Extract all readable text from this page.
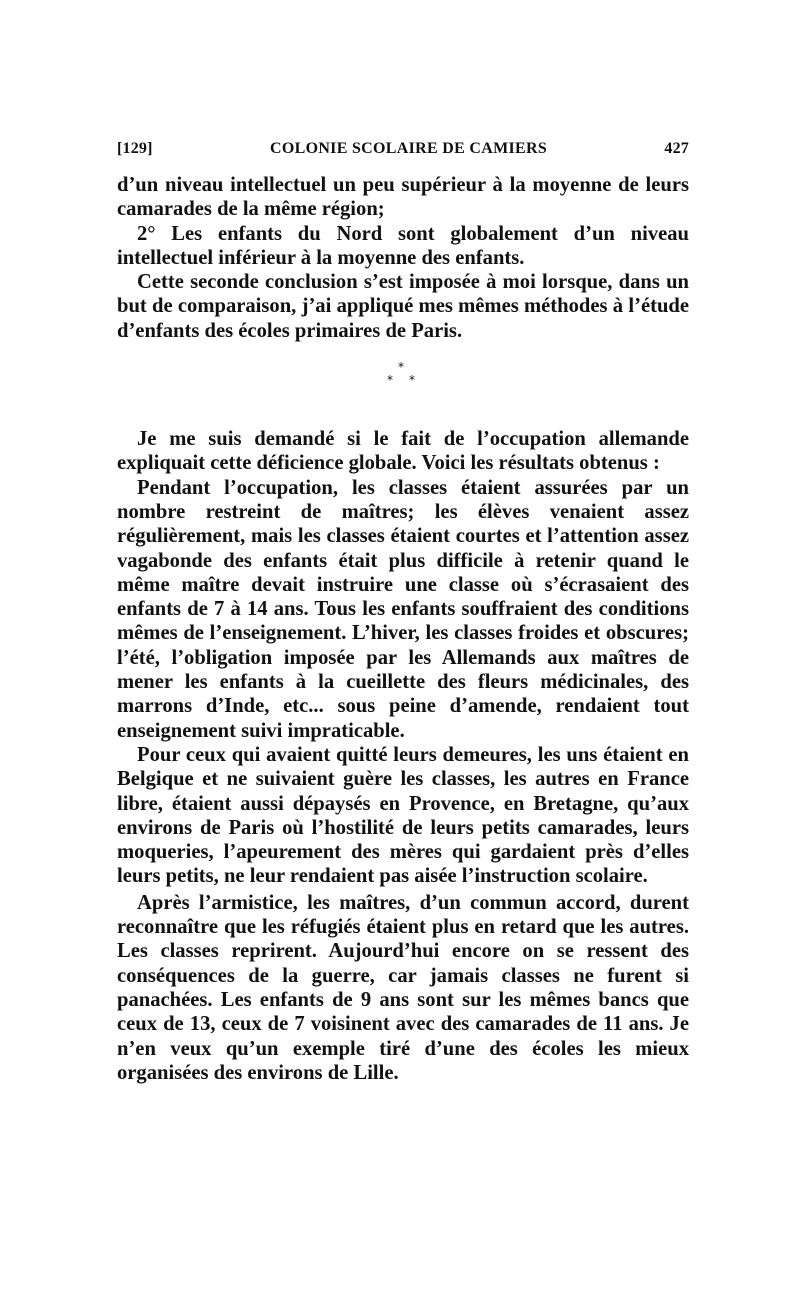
[129]	COLONIE SCOLAIRE DE CAMIERS	427

d’un niveau intellectuel un peu supérieur à la moyenne de leurs camarades de la même région;

2° Les enfants du Nord sont globalement d’un niveau intellectuel inférieur à la moyenne des enfants.

Cette seconde conclusion s’est imposée à moi lorsque, dans un but de comparaison, j’ai appliqué mes mêmes méthodes à l’étude d’enfants des écoles primaires de Paris.

*
* *

Je me suis demandé si le fait de l’occupation allemande expliquait cette déficience globale. Voici les résultats obtenus :

Pendant l’occupation, les classes étaient assurées par un nombre restreint de maîtres; les élèves venaient assez régulièrement, mais les classes étaient courtes et l’attention assez vagabonde des enfants était plus difficile à retenir quand le même maître devait instruire une classe où s’écrasaient des enfants de 7 à 14 ans. Tous les enfants souffraient des conditions mêmes de l’enseignement. L’hiver, les classes froides et obscures; l’été, l’obligation imposée par les Allemands aux maîtres de mener les enfants à la cueillette des fleurs médicinales, des marrons d’Inde, etc... sous peine d’amende, rendaient tout enseignement suivi impraticable.

Pour ceux qui avaient quitté leurs demeures, les uns étaient en Belgique et ne suivaient guère les classes, les autres en France libre, étaient aussi dépaysés en Provence, en Bretagne, qu’aux environs de Paris où l’hostilité de leurs petits camarades, leurs moqueries, l’apeurement des mères qui gardaient près d’elles leurs petits, ne leur rendaient pas aisée l’instruction scolaire.

Après l’armistice, les maîtres, d’un commun accord, durent reconnaître que les réfugiés étaient plus en retard que les autres. Les classes reprirent. Aujourd’hui encore on se ressent des conséquences de la guerre, car jamais classes ne furent si panachées. Les enfants de 9 ans sont sur les mêmes bancs que ceux de 13, ceux de 7 voisinent avec des camarades de 11 ans. Je n’en veux qu’un exemple tiré d’une des écoles les mieux organisées des environs de Lille.
